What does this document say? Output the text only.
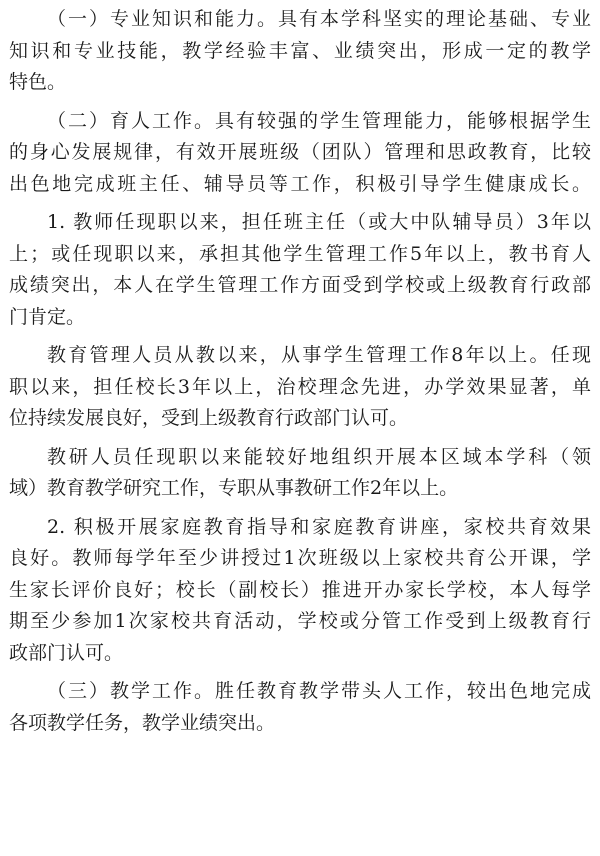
（一）专业知识和能力。具有本学科坚实的理论基础、专业
知识和专业技能，教学经验丰富、业绩突出，形成一定的教学
特色。
（二）育人工作。具有较强的学生管理能力，能够根据学生
的身心发展规律，有效开展班级（团队）管理和思政教育，比较
出色地完成班主任、辅导员等工作，积极引导学生健康成长。
1. 教师任现职以来，担任班主任（或大中队辅导员）3年以
上；或任现职以来，承担其他学生管理工作5年以上，教书育人
成绩突出，本人在学生管理工作方面受到学校或上级教育行政部
门肯定。
教育管理人员从教以来，从事学生管理工作8年以上。任现
职以来，担任校长3年以上，治校理念先进，办学效果显著，单
位持续发展良好，受到上级教育行政部门认可。
教研人员任现职以来能较好地组织开展本区域本学科（领
域）教育教学研究工作，专职从事教研工作2年以上。
2. 积极开展家庭教育指导和家庭教育讲座，家校共育效果
良好。教师每学年至少讲授过1次班级以上家校共育公开课，学
生家长评价良好；校长（副校长）推进开办家长学校，本人每学
期至少参加1次家校共育活动，学校或分管工作受到上级教育行
政部门认可。
（三）教学工作。胜任教育教学带头人工作，较出色地完成
各项教学任务，教学业绩突出。
